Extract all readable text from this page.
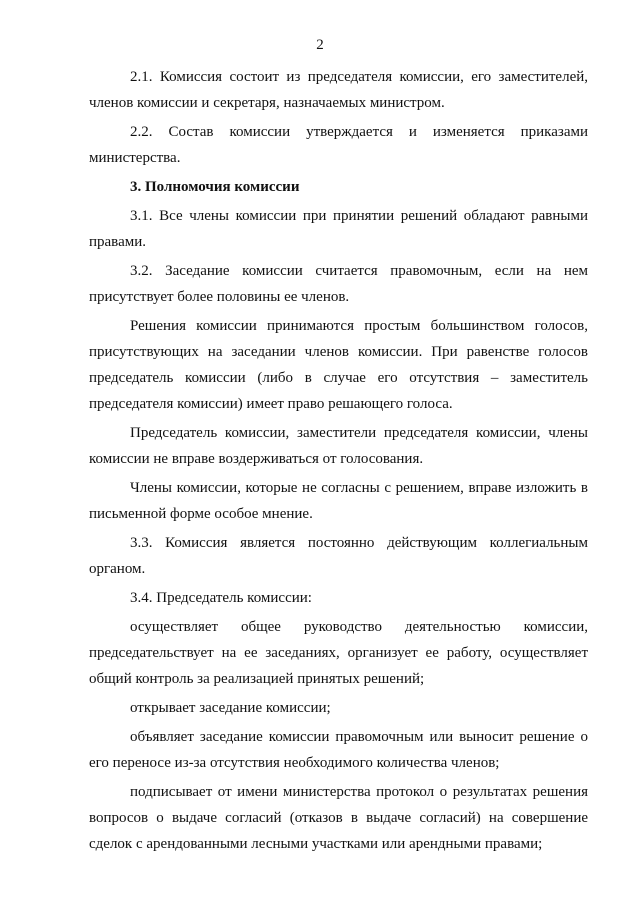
2

2.1. Комиссия состоит из председателя комиссии, его заместителей, членов комиссии и секретаря, назначаемых министром.

2.2. Состав комиссии утверждается и изменяется приказами министерства.

3. Полномочия комиссии

3.1. Все члены комиссии при принятии решений обладают равными правами.

3.2. Заседание комиссии считается правомочным, если на нем присутствует более половины ее членов.

Решения комиссии принимаются простым большинством голосов, присутствующих на заседании членов комиссии. При равенстве голосов председатель комиссии (либо в случае его отсутствия – заместитель председателя комиссии) имеет право решающего голоса.

Председатель комиссии, заместители председателя комиссии, члены комиссии не вправе воздерживаться от голосования.

Члены комиссии, которые не согласны с решением, вправе изложить в письменной форме особое мнение.

3.3. Комиссия является постоянно действующим коллегиальным органом.

3.4. Председатель комиссии:

осуществляет общее руководство деятельностью комиссии, председательствует на ее заседаниях, организует ее работу, осуществляет общий контроль за реализацией принятых решений;

открывает заседание комиссии;

объявляет заседание комиссии правомочным или выносит решение о его переносе из-за отсутствия необходимого количества членов;

подписывает от имени министерства протокол о результатах решения вопросов о выдаче согласий (отказов в выдаче согласий) на совершение сделок с арендованными лесными участками или арендными правами;
